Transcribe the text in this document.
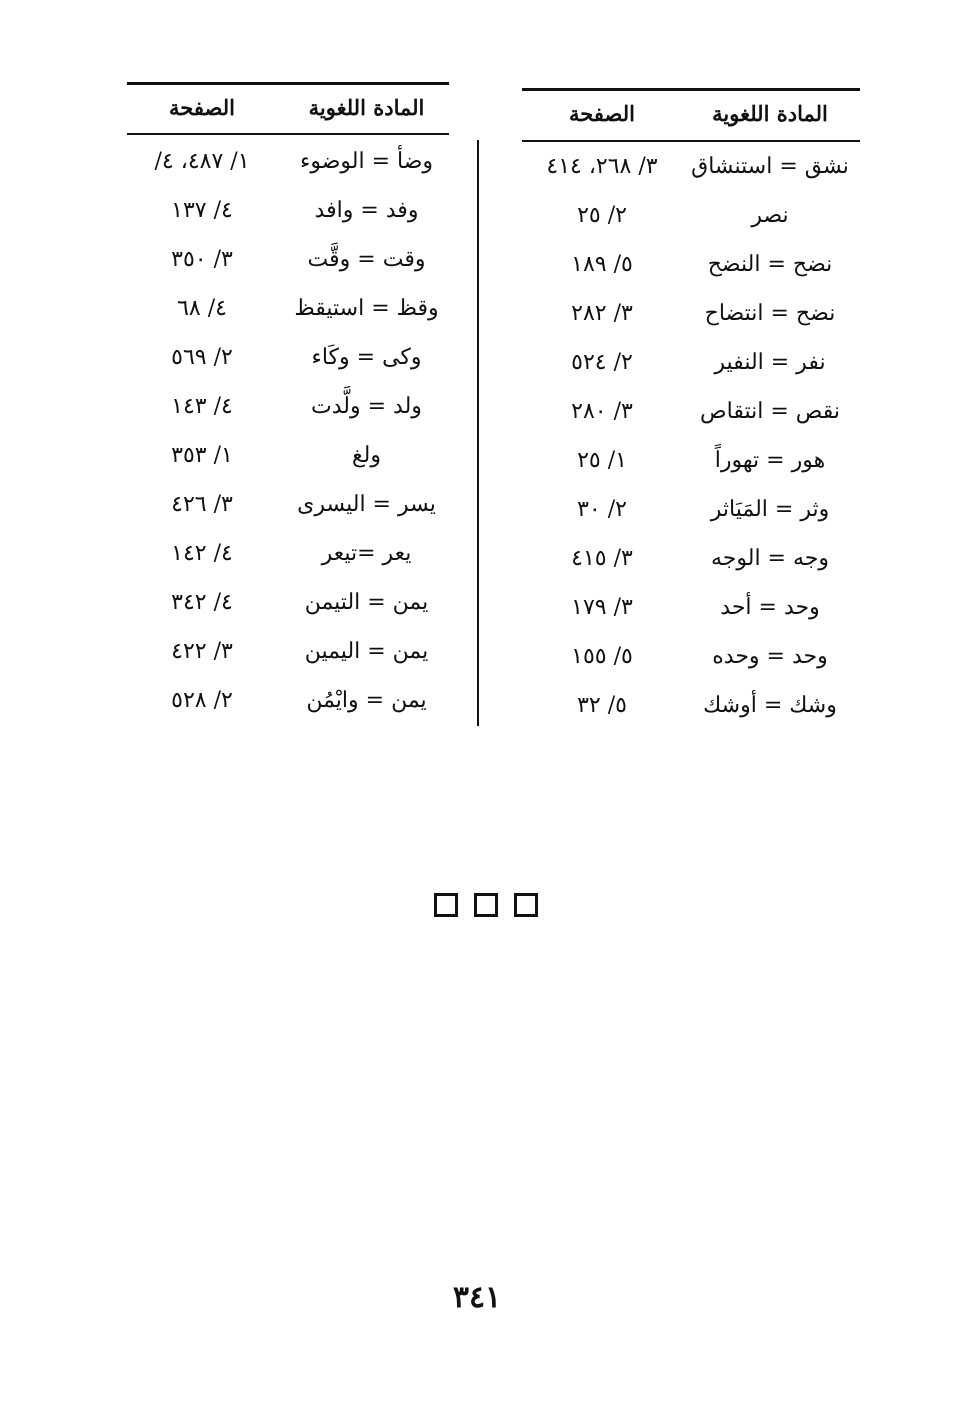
المادة اللغوية
الصفحة
نشق = استنشاق
٣/ ٢٦٨، ٤١٤
نصر
٢/ ٢٥
نضح = النضح
٥/ ١٨٩
نضح = انتضاح
٣/ ٢٨٢
نفر = النفير
٢/ ٥٢٤
نقص = انتقاص
٣/ ٢٨٠
هور = تهوراً
١/ ٢٥
وثر = المَيَاثر
٢/ ٣٠
وجه = الوجه
٣/ ٤١٥
وحد = أحد
٣/ ١٧٩
وحد = وحده
٥/ ١٥٥
وشك = أوشك
٥/ ٣٢
المادة اللغوية
الصفحة
وضأ = الوضوء
١/ ٤٨٧، ٤/
وفد = وافد
٤/ ١٣٧
وقت = وقَّت
٣/ ٣٥٠
وقظ = استيقظ
٤/ ٦٨
وكى = وكَاء
٢/ ٥٦٩
ولد = ولَّدت
٤/ ١٤٣
ولغ
١/ ٣٥٣
يسر = اليسرى
٣/ ٤٢٦
يعر =تيعر
٤/ ١٤٢
يمن = التيمن
٤/ ٣٤٢
يمن = اليمين
٣/ ٤٢٢
يمن = وايْمُن
٢/ ٥٢٨
٣٤١
